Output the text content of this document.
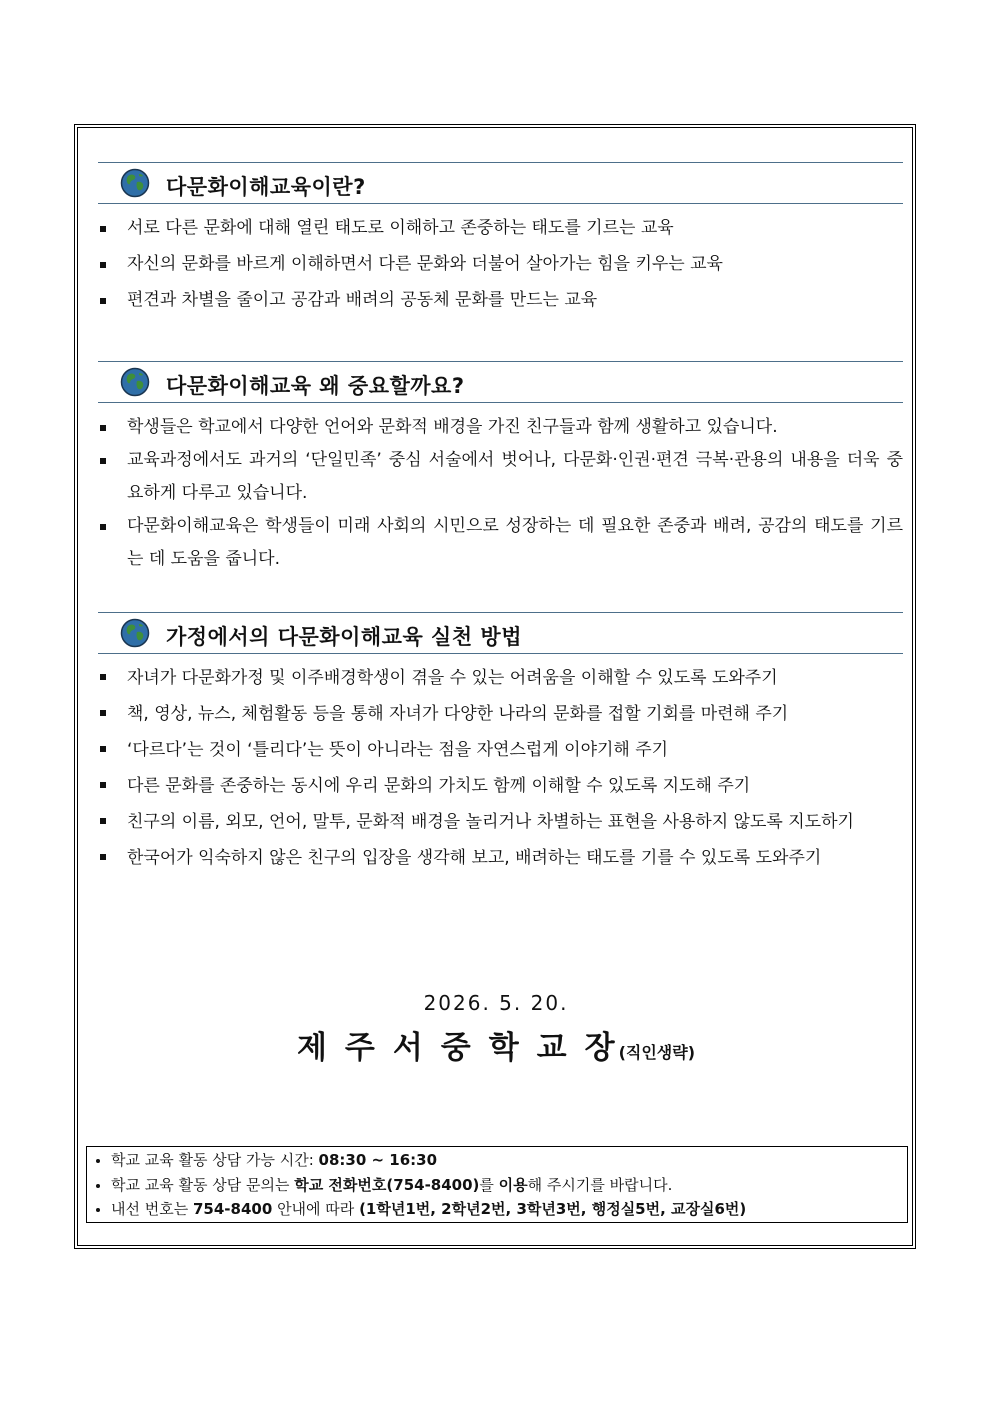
다문화이해교육이란?
서로 다른 문화에 대해 열린 태도로 이해하고 존중하는 태도를 기르는 교육
자신의 문화를 바르게 이해하면서 다른 문화와 더불어 살아가는 힘을 키우는 교육
편견과 차별을 줄이고 공감과 배려의 공동체 문화를 만드는 교육
다문화이해교육 왜 중요할까요?
학생들은 학교에서 다양한 언어와 문화적 배경을 가진 친구들과 함께 생활하고 있습니다.
교육과정에서도 과거의 ‘단일민족’ 중심 서술에서 벗어나, 다문화·인권·편견 극복·관용의 내용을 더욱 중요하게 다루고 있습니다.
다문화이해교육은 학생들이 미래 사회의 시민으로 성장하는 데 필요한 존중과 배려, 공감의 태도를 기르는 데 도움을 줍니다.
가정에서의 다문화이해교육 실천 방법
자녀가 다문화가정 및 이주배경학생이 겪을 수 있는 어려움을 이해할 수 있도록 도와주기
책, 영상, 뉴스, 체험활동 등을 통해 자녀가 다양한 나라의 문화를 접할 기회를 마련해 주기
‘다르다’는 것이 ‘틀리다’는 뜻이 아니라는 점을 자연스럽게 이야기해 주기
다른 문화를 존중하는 동시에 우리 문화의 가치도 함께 이해할 수 있도록 지도해 주기
친구의 이름, 외모, 언어, 말투, 문화적 배경을 놀리거나 차별하는 표현을 사용하지 않도록 지도하기
한국어가 익숙하지 않은 친구의 입장을 생각해 보고, 배려하는 태도를 기를 수 있도록 도와주기
2026. 5. 20.
제주서중학교장(직인생략)
학교 교육 활동 상담 가능 시간: 08:30 ~ 16:30
학교 교육 활동 상담 문의는 학교 전화번호(754-8400)를 이용해 주시기를 바랍니다.
내선 번호는 754-8400 안내에 따라 (1학년1번, 2학년2번, 3학년3번, 행정실5번, 교장실6번)
